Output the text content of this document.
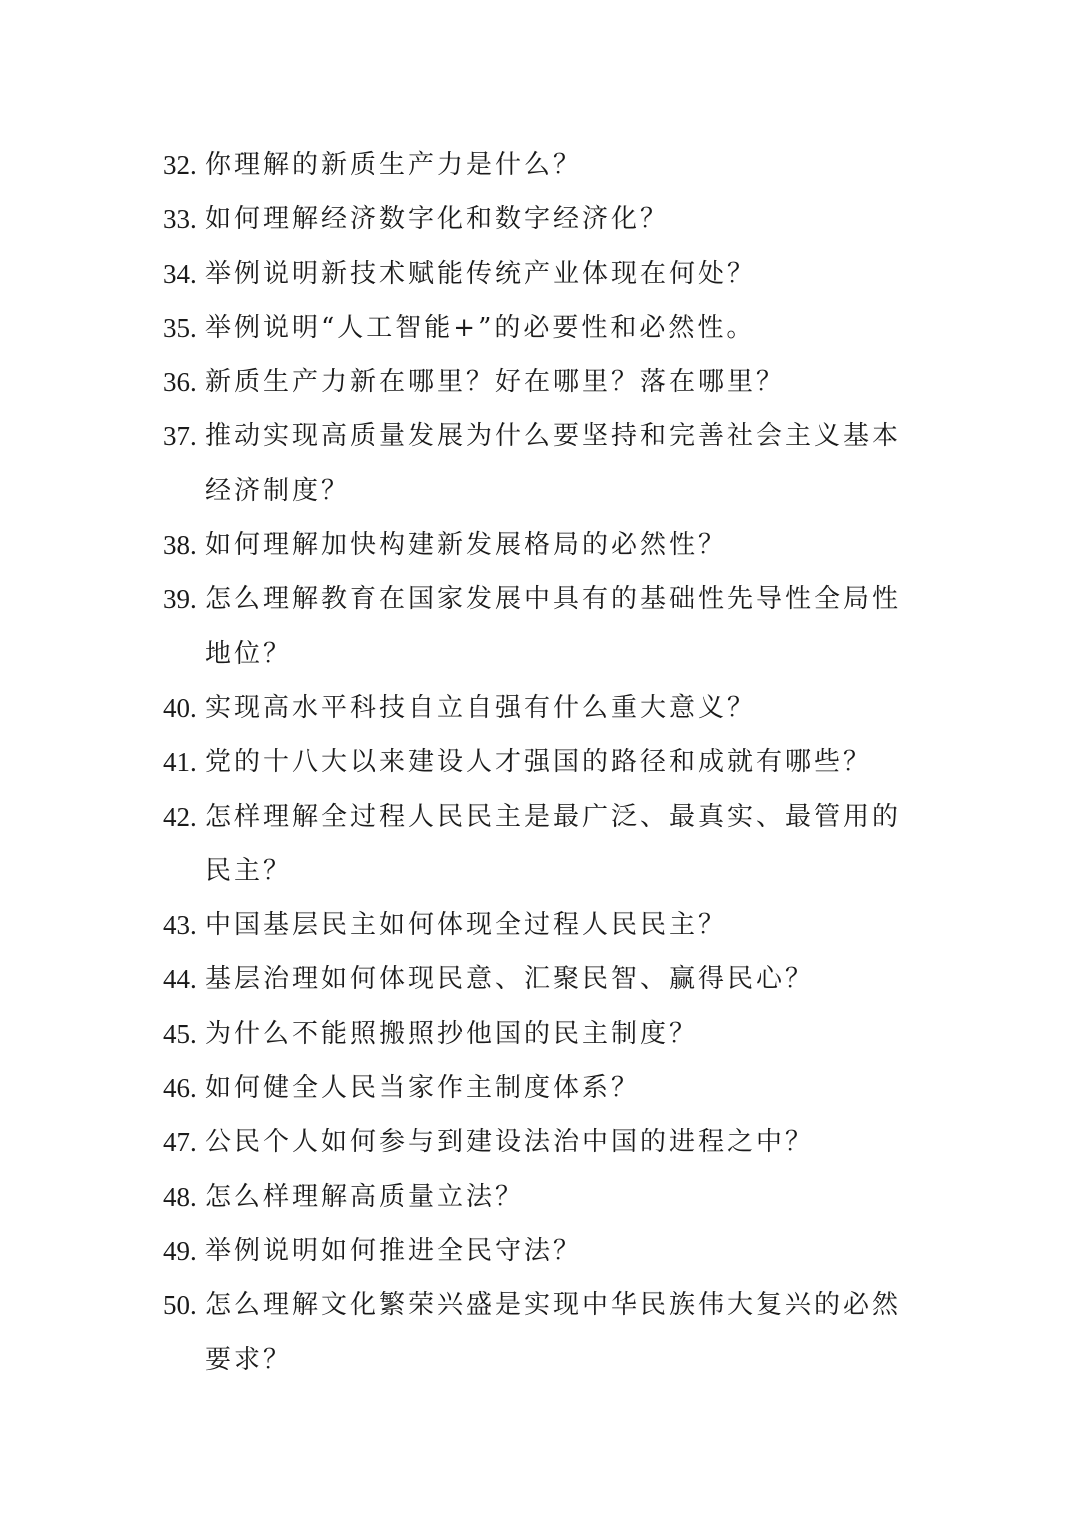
32. 你理解的新质生产力是什么？
33. 如何理解经济数字化和数字经济化？
34. 举例说明新技术赋能传统产业体现在何处？
35. 举例说明“人工智能+”的必要性和必然性。
36. 新质生产力新在哪里？好在哪里？落在哪里？
37. 推动实现高质量发展为什么要坚持和完善社会主义基本经济制度？
38. 如何理解加快构建新发展格局的必然性？
39. 怎么理解教育在国家发展中具有的基础性先导性全局性地位？
40. 实现高水平科技自立自强有什么重大意义？
41. 党的十八大以来建设人才强国的路径和成就有哪些？
42. 怎样理解全过程人民民主是最广泛、最真实、最管用的民主？
43. 中国基层民主如何体现全过程人民民主？
44. 基层治理如何体现民意、汇聚民智、赢得民心？
45. 为什么不能照搬照抄他国的民主制度？
46. 如何健全人民当家作主制度体系？
47. 公民个人如何参与到建设法治中国的进程之中？
48. 怎么样理解高质量立法？
49. 举例说明如何推进全民守法？
50. 怎么理解文化繁荣兴盛是实现中华民族伟大复兴的必然要求？
